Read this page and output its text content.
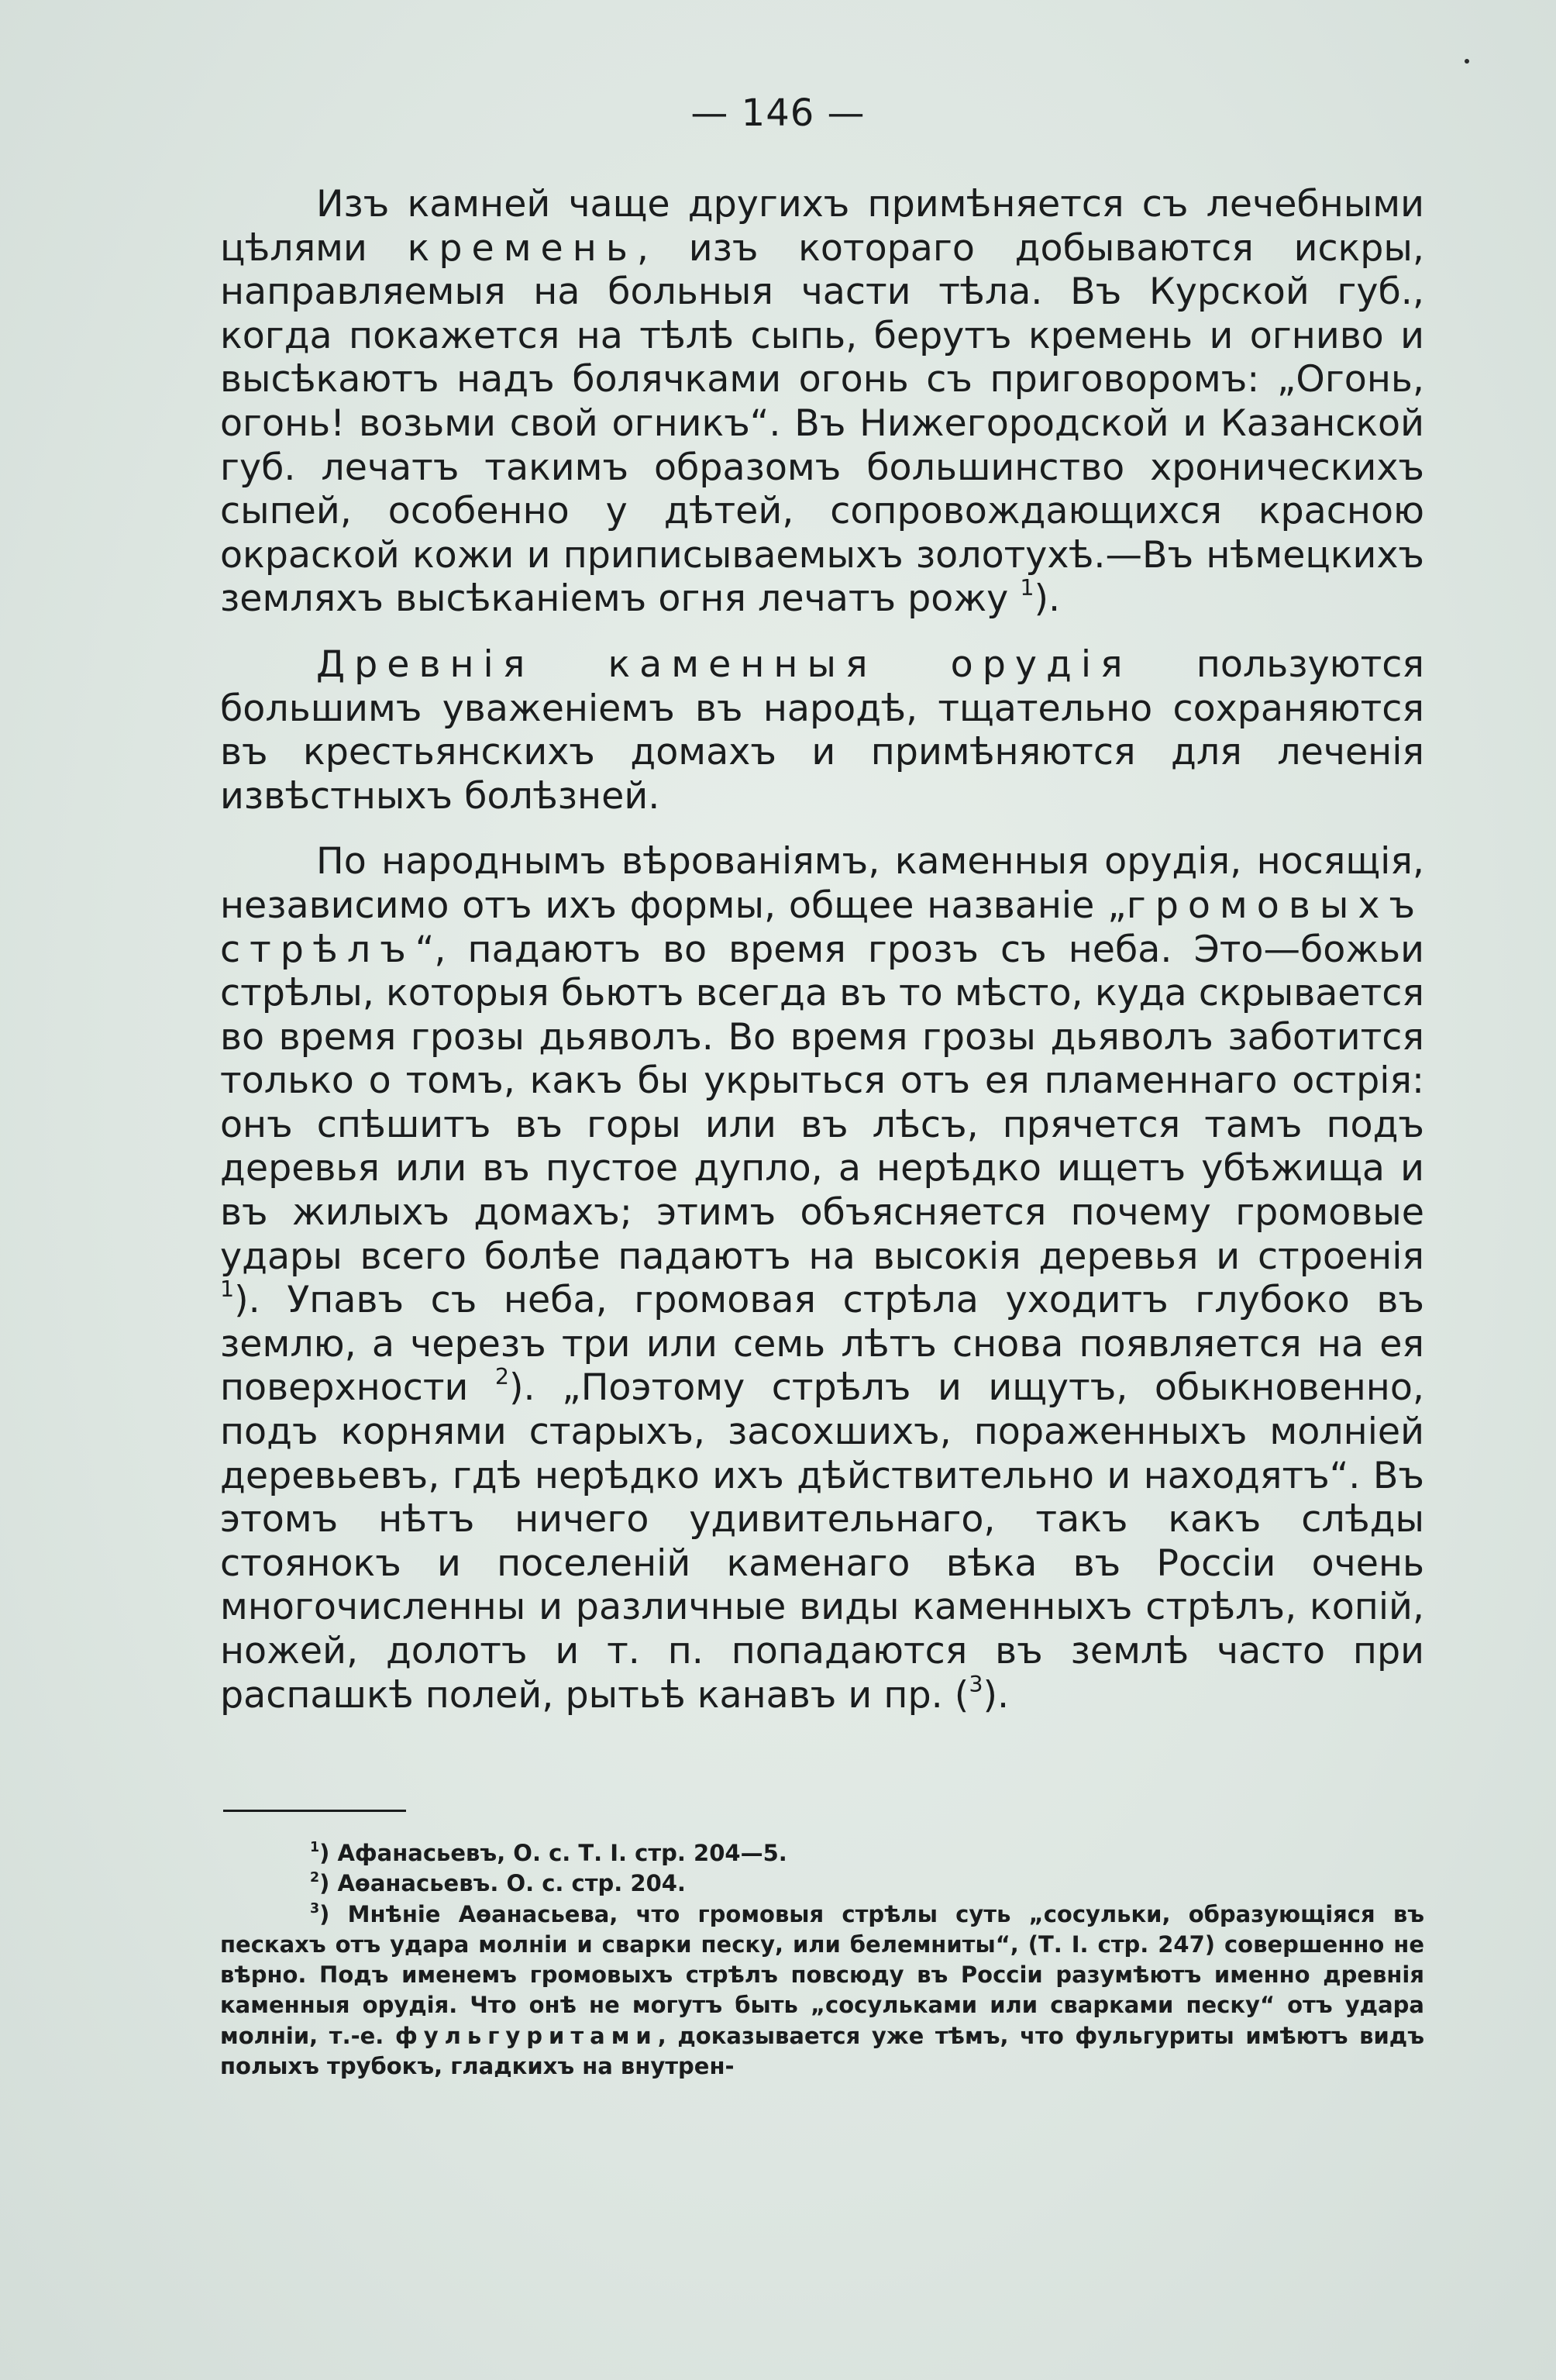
— 146 —

Изъ камней чаще другихъ примѣняется съ лечебными цѣлями кремень, изъ котораго добываются искры, направляемыя на больныя части тѣла. Въ Курской губ., когда покажется на тѣлѣ сыпь, берутъ кремень и огниво и высѣкаютъ надъ болячками огонь съ приговоромъ: „Огонь, огонь! возьми свой огникъ“. Въ Нижегородской и Казанской губ. лечатъ такимъ образомъ большинство хроническихъ сыпей, особенно у дѣтей, сопровождающихся красною окраской кожи и приписываемыхъ золотухѣ.—Въ нѣмецкихъ земляхъ высѣканіемъ огня лечатъ рожу $^1$).

Древнія каменныя орудія пользуются большимъ уваженіемъ въ народѣ, тщательно сохраняются въ крестьянскихъ домахъ и примѣняются для леченія извѣстныхъ болѣзней.

По народнымъ вѣрованіямъ, каменныя орудія, носящія, независимо отъ ихъ формы, общее названіе „громовыхъ стрѣлъ“, падаютъ во время грозъ съ неба. Это—божьи стрѣлы, которыя бьютъ всегда въ то мѣсто, куда скрывается во время грозы дьяволъ. Во время грозы дьяволъ заботится только о томъ, какъ бы укрыться отъ ея пламеннаго острія: онъ спѣшитъ въ горы или въ лѣсъ, прячется тамъ подъ деревья или въ пустое дупло, а нерѣдко ищетъ убѣжища и въ жилыхъ домахъ; этимъ объясняется почему громовые удары всего болѣе падаютъ на высокія деревья и строенія $^1$). Упавъ съ неба, громовая стрѣла уходитъ глубоко въ землю, а черезъ три или семь лѣтъ снова появляется на ея поверхности $^2$). „Поэтому стрѣлъ и ищутъ, обыкновенно, подъ корнями старыхъ, засохшихъ, пораженныхъ молніей деревьевъ, гдѣ нерѣдко ихъ дѣйствительно и находятъ“. Въ этомъ нѣтъ ничего удивительнаго, такъ какъ слѣды стоянокъ и поселеній каменаго вѣка въ Россіи очень многочисленны и различные виды каменныхъ стрѣлъ, копій, ножей, долотъ и т. п. попадаются въ землѣ часто при распашкѣ полей, рытьѣ канавъ и пр. ($^3$).

$^1$) Афанасьевъ, О. с. Т. I. стр. 204—5.

$^2$) Аѳанасьевъ. О. с. стр. 204.

$^3$) Мнѣніе Аѳанасьева, что громовыя стрѣлы суть „сосульки, образующіяся въ пескахъ отъ удара молніи и сварки песку, или белемниты“, (Т. I. стр. 247) совершенно не вѣрно. Подъ именемъ громовыхъ стрѣлъ повсюду въ Россіи разумѣютъ именно древнія каменныя орудія. Что онѣ не могутъ быть „сосульками или сварками песку“ отъ удара молніи, т.-е. фульгуритами, доказывается уже тѣмъ, что фульгуриты имѣютъ видъ полыхъ трубокъ, гладкихъ на внутрен-
